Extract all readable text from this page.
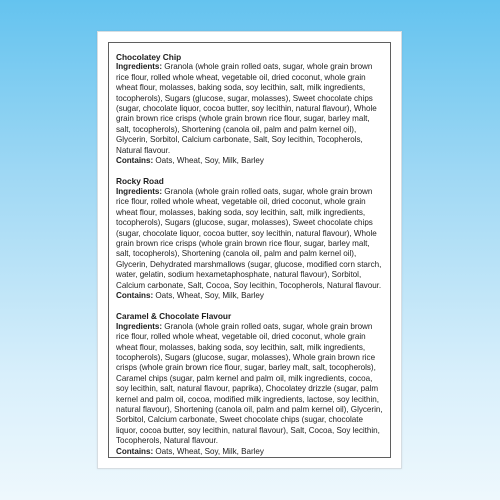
Chocolatey Chip
Ingredients: Granola (whole grain rolled oats, sugar, whole grain brown rice flour, rolled whole wheat, vegetable oil, dried coconut, whole grain wheat flour, molasses, baking soda, soy lecithin, salt, milk ingredients, tocopherols), Sugars (glucose, sugar, molasses), Sweet chocolate chips (sugar, chocolate liquor, cocoa butter, soy lecithin, natural flavour), Whole grain brown rice crisps (whole grain brown rice flour, sugar, barley malt, salt, tocopherols), Shortening (canola oil, palm and palm kernel oil), Glycerin, Sorbitol, Calcium carbonate, Salt, Soy lecithin, Tocopherols, Natural flavour.
Contains: Oats, Wheat, Soy, Milk, Barley
Rocky Road
Ingredients: Granola (whole grain rolled oats, sugar, whole grain brown rice flour, rolled whole wheat, vegetable oil, dried coconut, whole grain wheat flour, molasses, baking soda, soy lecithin, salt, milk ingredients, tocopherols), Sugars (glucose, sugar, molasses), Sweet chocolate chips (sugar, chocolate liquor, cocoa butter, soy lecithin, natural flavour), Whole grain brown rice crisps (whole grain brown rice flour, sugar, barley malt, salt, tocopherols), Shortening (canola oil, palm and palm kernel oil), Glycerin, Dehydrated marshmallows (sugar, glucose, modified corn starch, water, gelatin, sodium hexametaphosphate, natural flavour), Sorbitol, Calcium carbonate, Salt, Cocoa, Soy lecithin, Tocopherols, Natural flavour.
Contains: Oats, Wheat, Soy, Milk, Barley
Caramel & Chocolate Flavour
Ingredients: Granola (whole grain rolled oats, sugar, whole grain brown rice flour, rolled whole wheat, vegetable oil, dried coconut, whole grain wheat flour, molasses, baking soda, soy lecithin, salt, milk ingredients, tocopherols), Sugars (glucose, sugar, molasses), Whole grain brown rice crisps (whole grain brown rice flour, sugar, barley malt, salt, tocopherols), Caramel chips (sugar, palm kernel and palm oil, milk ingredients, cocoa, soy lecithin, salt, natural flavour, paprika), Chocolatey drizzle (sugar, palm kernel and palm oil, cocoa, modified milk ingredients, lactose, soy lecithin, natural flavour), Shortening (canola oil, palm and palm kernel oil), Glycerin, Sorbitol, Calcium carbonate, Sweet chocolate chips (sugar, chocolate liquor, cocoa butter, soy lecithin, natural flavour), Salt, Cocoa, Soy lecithin, Tocopherols, Natural flavour.
Contains: Oats, Wheat, Soy, Milk, Barley
